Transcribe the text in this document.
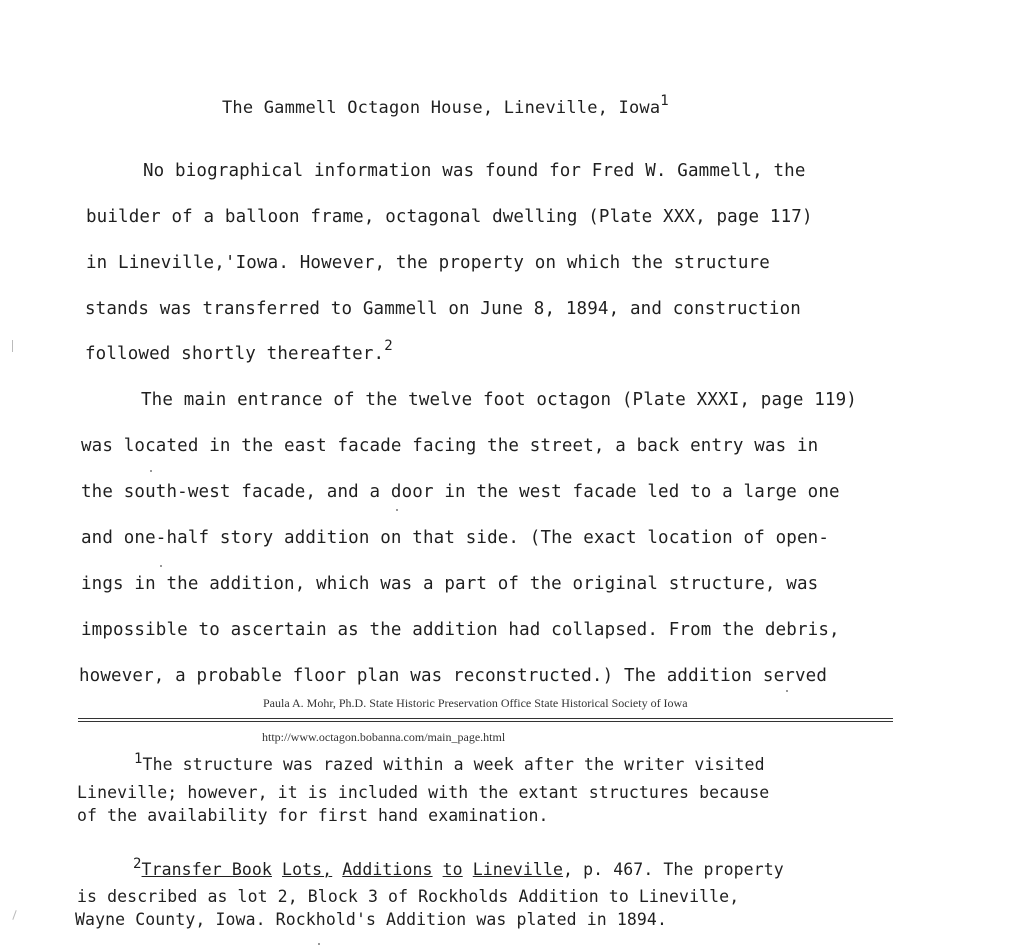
The Gammell Octagon House, Lineville, Iowa$^1$
No biographical information was found for Fred W. Gammell, the
builder of a balloon frame, octagonal dwelling (Plate XXX, page 117)
in Lineville,'Iowa. However, the property on which the structure
stands was transferred to Gammell on June 8, 1894, and construction
followed shortly thereafter.$^2$
The main entrance of the twelve foot octagon (Plate XXXI, page 119)
was located in the east facade facing the street, a back entry was in
the south-west facade, and a door in the west facade led to a large one
and one-half story addition on that side. (The exact location of open-
ings in the addition, which was a part of the original structure, was
impossible to ascertain as the addition had collapsed. From the debris,
however, a probable floor plan was reconstructed.) The addition served
Paula A. Mohr, Ph.D. State Historic Preservation Office State Historical Society of Iowa
http://www.octagon.bobanna.com/main_page.html
$^1$The structure was razed within a week after the writer visited
Lineville; however, it is included with the extant structures because
of the availability for first hand examination.
$^2$Transfer Book Lots, Additions to Lineville, p. 467. The property
is described as lot 2, Block 3 of Rockholds Addition to Lineville,
Wayne County, Iowa. Rockhold's Addition was plated in 1894.
